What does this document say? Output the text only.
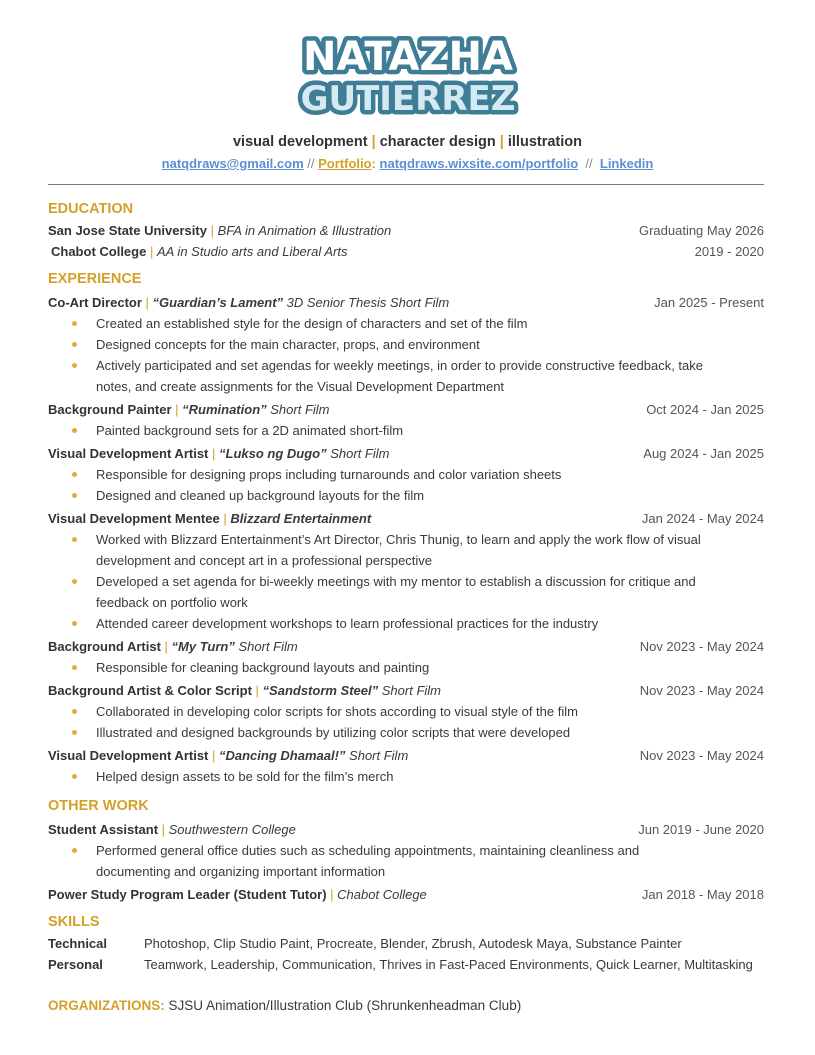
NATAZHA
GUTIERREZ
visual development | character design | illustration
natqdraws@gmail.com // Portfolio: natqdraws.wixsite.com/portfolio // Linkedin
EDUCATION
San Jose State University | BFA in Animation & Illustration	Graduating May 2026
Chabot College | AA in Studio arts and Liberal Arts	2019 - 2020
EXPERIENCE
Co-Art Director | “Guardian’s Lament” 3D Senior Thesis Short Film	Jan 2025 - Present
Created an established style for the design of characters and set of the film
Designed concepts for the main character, props, and environment
Actively participated and set agendas for weekly meetings, in order to provide constructive feedback, take notes, and create assignments for the Visual Development Department
Background Painter | “Rumination” Short Film	Oct 2024 - Jan 2025
Painted background sets for a 2D animated short-film
Visual Development Artist | “Lukso ng Dugo” Short Film	Aug 2024 - Jan 2025
Responsible for designing props including turnarounds and color variation sheets
Designed and cleaned up background layouts for the film
Visual Development Mentee | Blizzard Entertainment	Jan 2024 - May 2024
Worked with Blizzard Entertainment’s Art Director, Chris Thunig, to learn and apply the work flow of visual development and concept art in a professional perspective
Developed a set agenda for bi-weekly meetings with my mentor to establish a discussion for critique and feedback on portfolio work
Attended career development workshops to learn professional practices for the industry
Background Artist | “My Turn” Short Film	Nov 2023 - May 2024
Responsible for cleaning background layouts and painting
Background Artist & Color Script | “Sandstorm Steel” Short Film	Nov 2023 - May 2024
Collaborated in developing color scripts for shots according to visual style of the film
Illustrated and designed backgrounds by utilizing color scripts that were developed
Visual Development Artist | “Dancing Dhamaal!” Short Film	Nov 2023 - May 2024
Helped design assets to be sold for the film’s merch
OTHER WORK
Student Assistant | Southwestern College	Jun 2019 - June 2020
Performed general office duties such as scheduling appointments, maintaining cleanliness and documenting and organizing important information
Power Study Program Leader (Student Tutor) | Chabot College	Jan 2018 - May 2018
SKILLS
Technical	Photoshop, Clip Studio Paint, Procreate, Blender, Zbrush, Autodesk Maya, Substance Painter
Personal	Teamwork, Leadership, Communication, Thrives in Fast-Paced Environments, Quick Learner, Multitasking
ORGANIZATIONS: SJSU Animation/Illustration Club (Shrunkenheadman Club)
